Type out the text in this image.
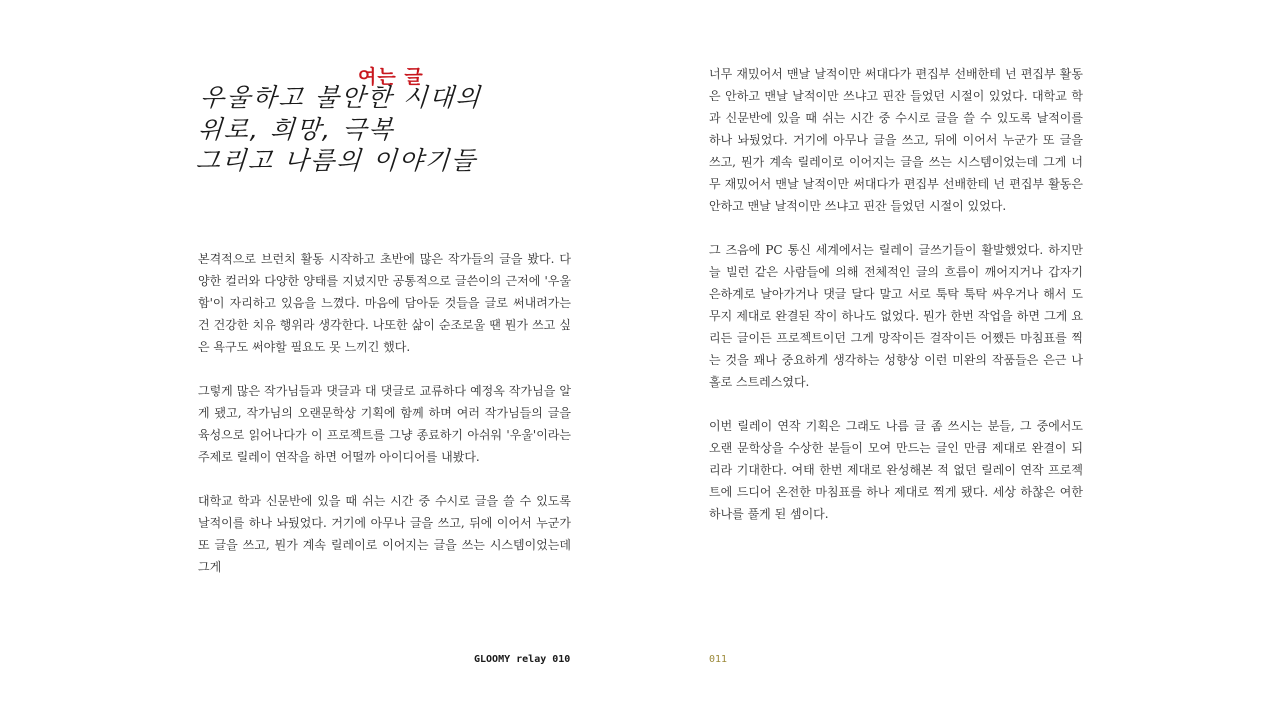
여는 글
우울하고 불안한 시대의
위로, 희망, 극복
그리고 나름의 이야기들

본격적으로 브런치 활동 시작하고 초반에 많은 작가들의 글을 봤다. 다양한 컬러와 다양한 양태를 지녔지만 공통적으로 글쓴이의 근저에 '우울함'이 자리하고 있음을 느꼈다. 마음에 담아둔 것들을 글로 써내려가는 건 건강한 치유 행위라 생각한다. 나또한 삶이 순조로울 땐 뭔가 쓰고 싶은 욕구도 써야할 필요도 못 느끼긴 했다.

그렇게 많은 작가님들과 댓글과 대 댓글로 교류하다 예정옥 작가님을 알게 됐고, 작가님의 오랜문학상 기획에 함께 하며 여러 작가님들의 글을 육성으로 읽어나다가 이 프로젝트를 그냥 종료하기 아쉬워 '우울'이라는 주제로 릴레이 연작을 하면 어떨까 아이디어를 내봤다.

대학교 학과 신문반에 있을 때 쉬는 시간 중 수시로 글을 쓸 수 있도록 날적이를 하나 놔뒀었다. 거기에 아무나 글을 쓰고, 뒤에 이어서 누군가 또 글을 쓰고, 뭔가 계속 릴레이로 이어지는 글을 쓰는 시스템이었는데 그게

GLOOMY relay 010

너무 재밌어서 맨날 날적이만 써대다가 편집부 선배한테 넌 편집부 활동은 안하고 맨날 날적이만 쓰냐고 핀잔 들었던 시절이 있었다. 대학교 학과 신문반에 있을 때 쉬는 시간 중 수시로 글을 쓸 수 있도록 날적이를 하나 놔뒀었다. 거기에 아무나 글을 쓰고, 뒤에 이어서 누군가 또 글을 쓰고, 뭔가 계속 릴레이로 이어지는 글을 쓰는 시스템이었는데 그게 너무 재밌어서 맨날 날적이만 써대다가 편집부 선배한테 넌 편집부 활동은 안하고 맨날 날적이만 쓰냐고 핀잔 들었던 시절이 있었다.

그 즈음에 PC 통신 세계에서는 릴레이 글쓰기들이 활발했었다. 하지만 늘 빌런 같은 사람들에 의해 전체적인 글의 흐름이 깨어지거나 갑자기 은하계로 날아가거나 댓글 달다 말고 서로 툭탁 툭탁 싸우거나 해서 도무지 제대로 완결된 작이 하나도 없었다. 뭔가 한번 작업을 하면 그게 요리든 글이든 프로젝트이던 그게 망작이든 걸작이든 어쨌든 마침표를 찍는 것을 꽤나 중요하게 생각하는 성향상 이런 미완의 작품들은 은근 나홀로 스트레스였다.

이번 릴레이 연작 기획은 그래도 나름 글 좀 쓰시는 분들, 그 중에서도 오랜 문학상을 수상한 분들이 모여 만드는 글인 만큼 제대로 완결이 되리라 기대한다. 여태 한번 제대로 완성해본 적 없던 릴레이 연작 프로젝트에 드디어 온전한 마침표를 하나 제대로 찍게 됐다. 세상 하찮은 여한 하나를 풀게 된 셈이다.

011
